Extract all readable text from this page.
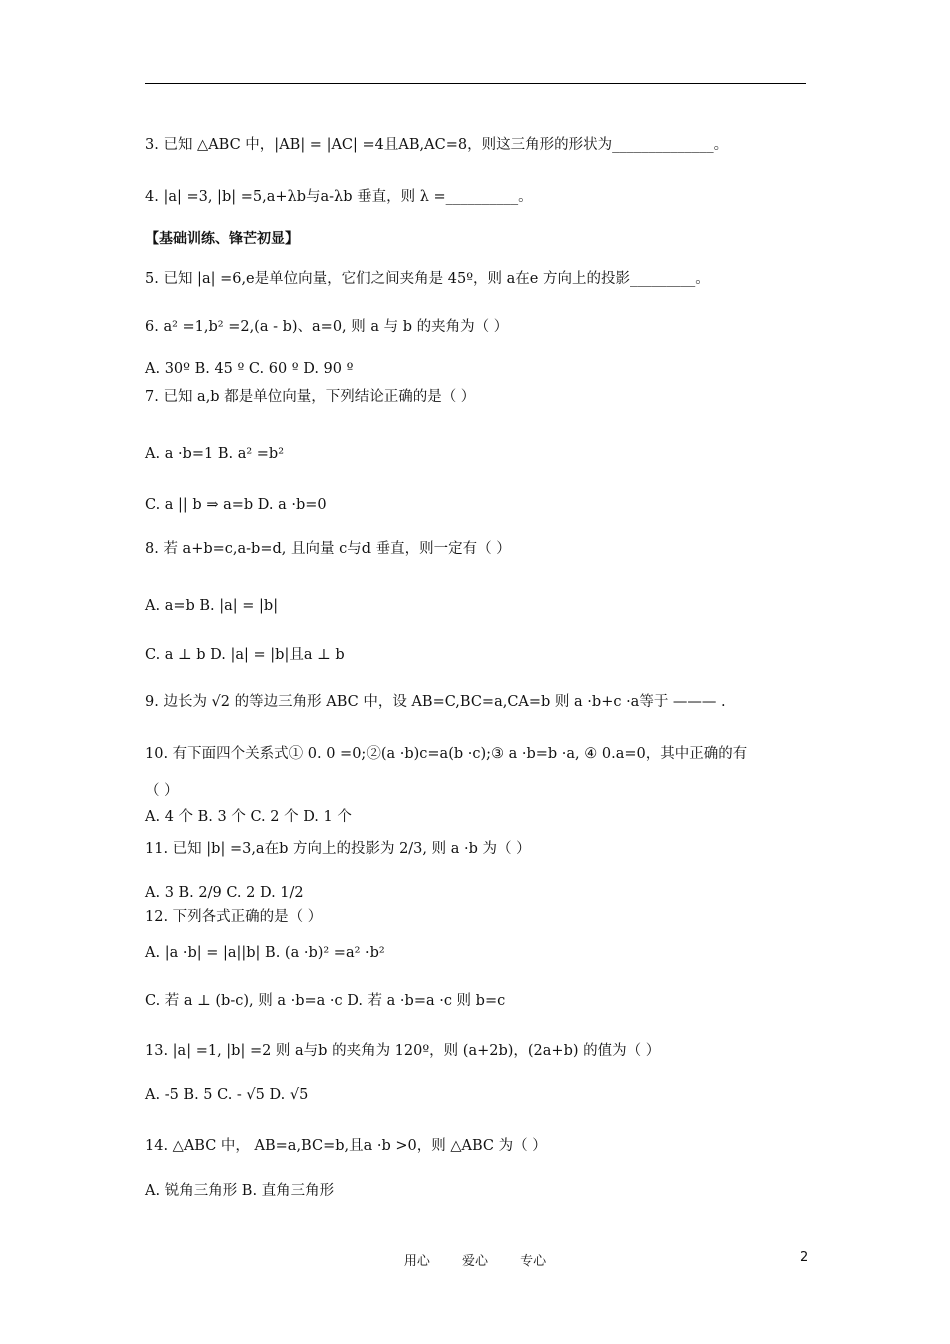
3. 已知 △ABC 中，|AB| = |AC| =4且AB,AC=8，则这三角形的形状为______________。
4. |a| =3, |b| =5,a+λb与a-λb 垂直，则 λ =__________。
【基础训练、锋芒初显】
5. 已知 |a| =6,e是单位向量，它们之间夹角是 45º，则 a在e 方向上的投影_________。
6. a² =1,b² =2,(a - b)、a=0, 则 a 与 b 的夹角为（ ）
A. 30º B. 45 º C. 60 º D. 90 º
7. 已知 a,b 都是单位向量，下列结论正确的是（ ）
A. a ·b=1 B. a² =b²
C. a || b ⇒ a=b D. a ·b=0
8. 若 a+b=c,a-b=d, 且向量 c与d 垂直，则一定有（ ）
A. a=b B. |a| = |b|
C. a ⊥ b D. |a| = |b|且a ⊥ b
9. 边长为 √2 的等边三角形 ABC 中，设 AB=C,BC=a,CA=b 则 a ·b+c ·a等于 ——— .
10. 有下面四个关系式① 0. 0 =0;②(a ·b)c=a(b ·c);③ a ·b=b ·a, ④ 0.a=0，其中正确的有
（ ）
A. 4 个 B. 3 个 C. 2 个 D. 1 个
11. 已知 |b| =3,a在b 方向上的投影为 2/3, 则 a ·b 为（ ）
A. 3 B. 2/9 C. 2 D. 1/2
12. 下列各式正确的是（ ）
A. |a ·b| = |a||b| B. (a ·b)² =a² ·b²
C. 若 a ⊥ (b-c), 则 a ·b=a ·c D. 若 a ·b=a ·c 则 b=c
13. |a| =1, |b| =2 则 a与b 的夹角为 120º，则 (a+2b)，(2a+b) 的值为（ ）
A. -5 B. 5 C. - √5 D. √5
14. △ABC 中， AB=a,BC=b,且a ·b >0，则 △ABC 为（ ）
A. 锐角三角形 B. 直角三角形
用心 爱心 专心	2
